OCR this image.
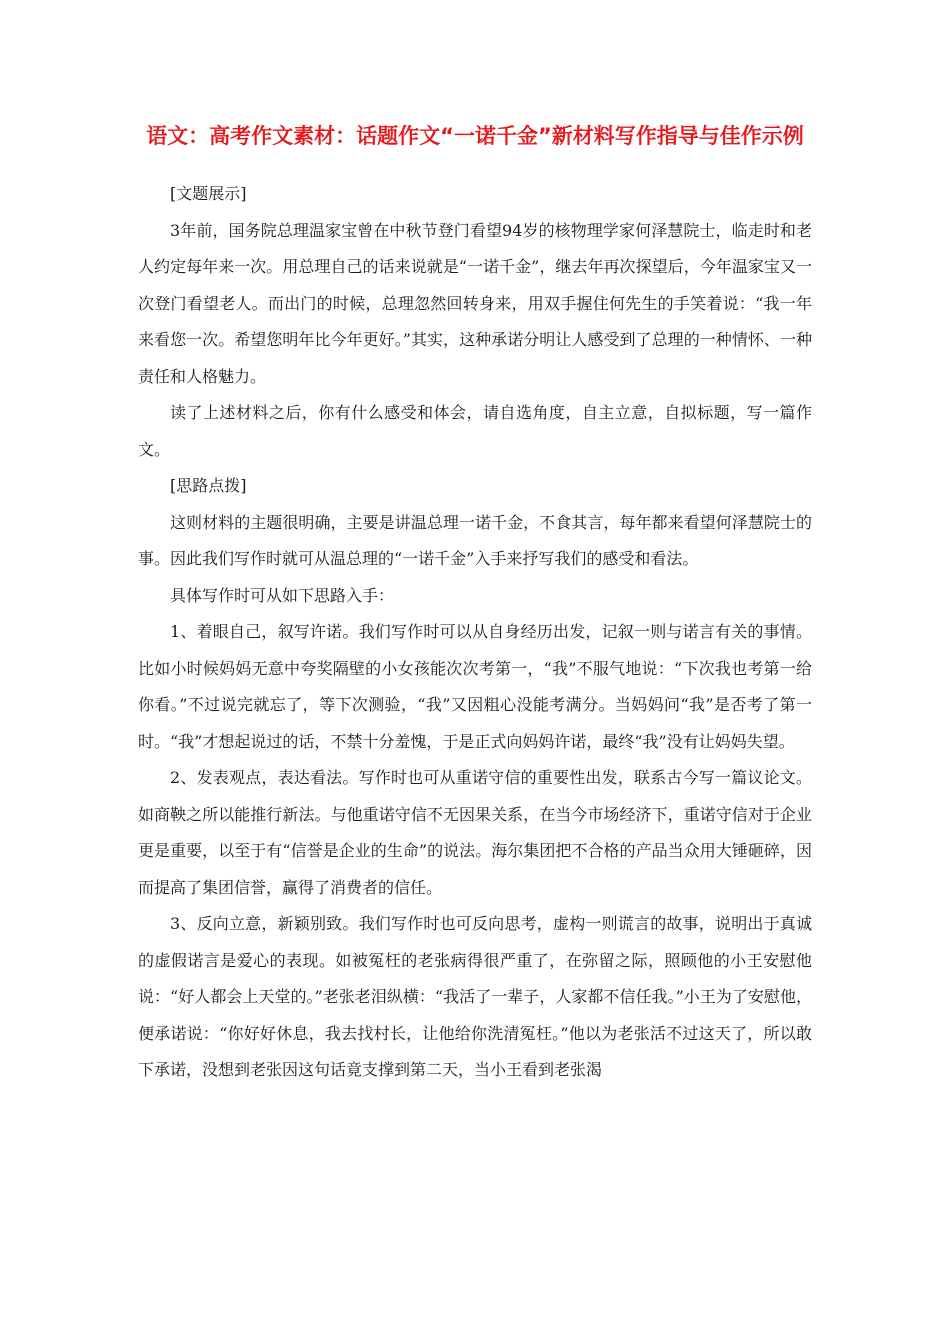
语文：高考作文素材：话题作文“一诺千金”新材料写作指导与佳作示例

[文题展示]

3年前，国务院总理温家宝曾在中秋节登门看望94岁的核物理学家何泽慧院士，临走时和老人约定每年来一次。用总理自己的话来说就是“一诺千金”，继去年再次探望后，今年温家宝又一次登门看望老人。而出门的时候，总理忽然回转身来，用双手握住何先生的手笑着说：“我一年来看您一次。希望您明年比今年更好。”其实，这种承诺分明让人感受到了总理的一种情怀、一种责任和人格魅力。

读了上述材料之后，你有什么感受和体会，请自选角度，自主立意，自拟标题，写一篇作文。

[思路点拨]

这则材料的主题很明确，主要是讲温总理一诺千金，不食其言，每年都来看望何泽慧院士的事。因此我们写作时就可从温总理的“一诺千金”入手来抒写我们的感受和看法。

具体写作时可从如下思路入手：

1、着眼自己，叙写许诺。我们写作时可以从自身经历出发，记叙一则与诺言有关的事情。比如小时候妈妈无意中夸奖隔壁的小女孩能次次考第一，“我”不服气地说：“下次我也考第一给你看。”不过说完就忘了，等下次测验，“我”又因粗心没能考满分。当妈妈问“我”是否考了第一时。“我”才想起说过的话，不禁十分羞愧，于是正式向妈妈许诺，最终“我”没有让妈妈失望。

2、发表观点，表达看法。写作时也可从重诺守信的重要性出发，联系古今写一篇议论文。如商鞅之所以能推行新法。与他重诺守信不无因果关系，在当今市场经济下，重诺守信对于企业更是重要，以至于有“信誉是企业的生命”的说法。海尔集团把不合格的产品当众用大锤砸碎，因而提高了集团信誉，赢得了消费者的信任。

3、反向立意，新颖别致。我们写作时也可反向思考，虚构一则谎言的故事，说明出于真诚的虚假诺言是爱心的表现。如被冤枉的老张病得很严重了，在弥留之际，照顾他的小王安慰他说：“好人都会上天堂的。”老张老泪纵横：“我活了一辈子，人家都不信任我。”小王为了安慰他，便承诺说：“你好好休息，我去找村长，让他给你洗清冤枉。”他以为老张活不过这天了，所以敢下承诺，没想到老张因这句话竟支撑到第二天，当小王看到老张渴
